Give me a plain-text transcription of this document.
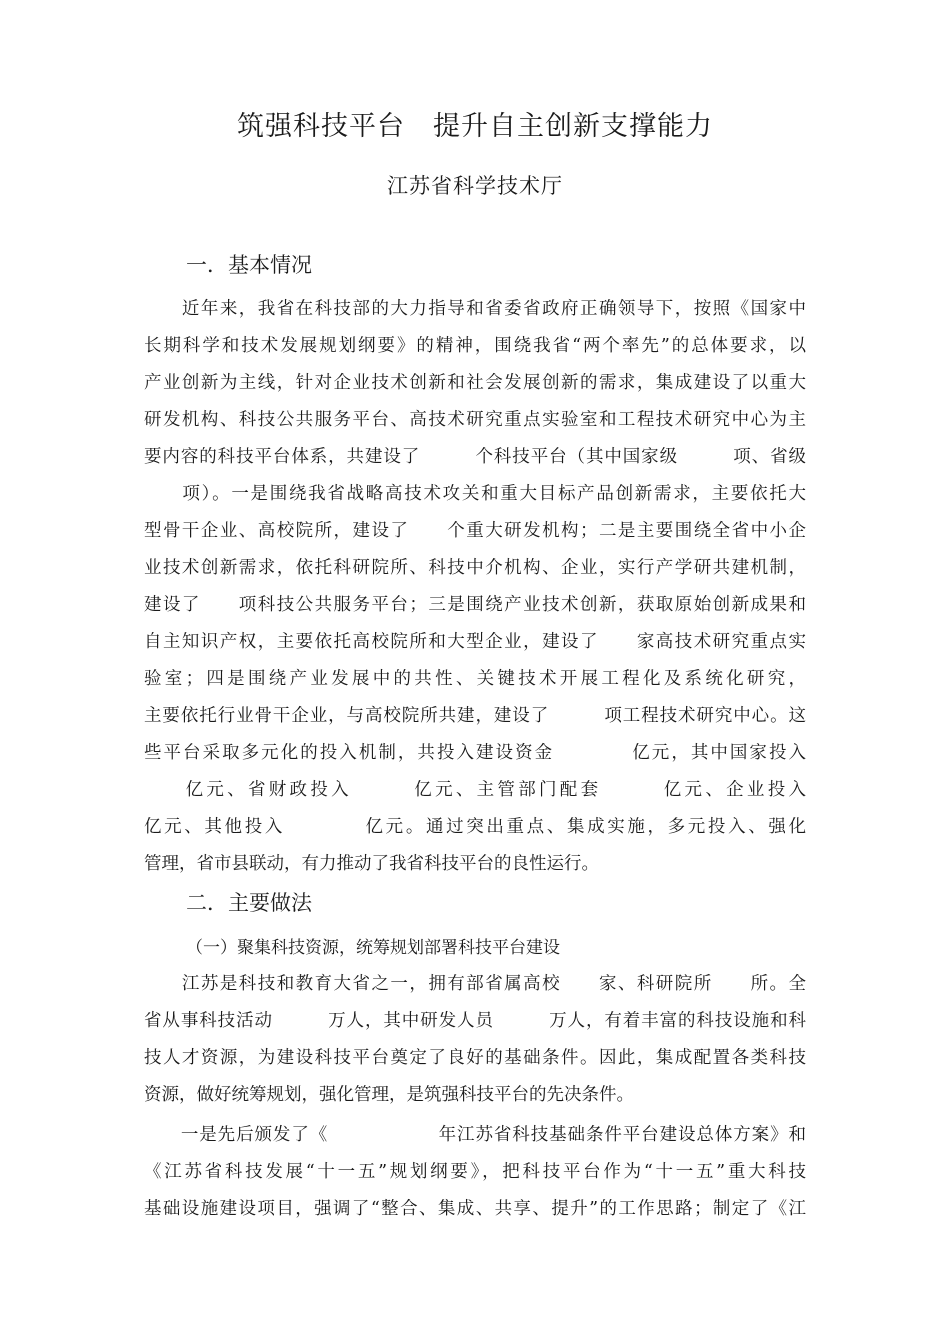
筑强科技平台　提升自主创新支撑能力
江苏省科学技术厅
一．基本情况
　　近年来，我省在科技部的大力指导和省委省政府正确领导下，按照《国家中
长期科学和技术发展规划纲要》的精神，围绕我省“两个率先”的总体要求，以
产业创新为主线，针对企业技术创新和社会发展创新的需求，集成建设了以重大
研发机构、科技公共服务平台、高技术研究重点实验室和工程技术研究中心为主
要内容的科技平台体系，共建设了　　　个科技平台（其中国家级　　　项、省级
　　项）。一是围绕我省战略高技术攻关和重大目标产品创新需求，主要依托大
型骨干企业、高校院所，建设了　　个重大研发机构；二是主要围绕全省中小企
业技术创新需求，依托科研院所、科技中介机构、企业，实行产学研共建机制，
建设了　　项科技公共服务平台；三是围绕产业技术创新，获取原始创新成果和
自主知识产权，主要依托高校院所和大型企业，建设了　　家高技术研究重点实
验室；四是围绕产业发展中的共性、关键技术开展工程化及系统化研究，
主要依托行业骨干企业，与高校院所共建，建设了　　　项工程技术研究中心。这
些平台采取多元化的投入机制，共投入建设资金　　　　亿元，其中国家投入
　　亿元、省财政投入　　　亿元、主管部门配套　　　亿元、企业投入
亿元、其他投入　　　　亿元。通过突出重点、集成实施，多元投入、强化
管理，省市县联动，有力推动了我省科技平台的良性运行。
二．主要做法
（一）聚集科技资源，统筹规划部署科技平台建设
　　江苏是科技和教育大省之一，拥有部省属高校　　家、科研院所　　所。全
省从事科技活动　　　万人，其中研发人员　　　万人，有着丰富的科技设施和科
技人才资源，为建设科技平台奠定了良好的基础条件。因此，集成配置各类科技
资源，做好统筹规划，强化管理，是筑强科技平台的先决条件。
　　一是先后颁发了《　　　　　　年江苏省科技基础条件平台建设总体方案》和
《江苏省科技发展“十一五”规划纲要》，把科技平台作为“十一五”重大科技
基础设施建设项目，强调了“整合、集成、共享、提升”的工作思路；制定了《江
